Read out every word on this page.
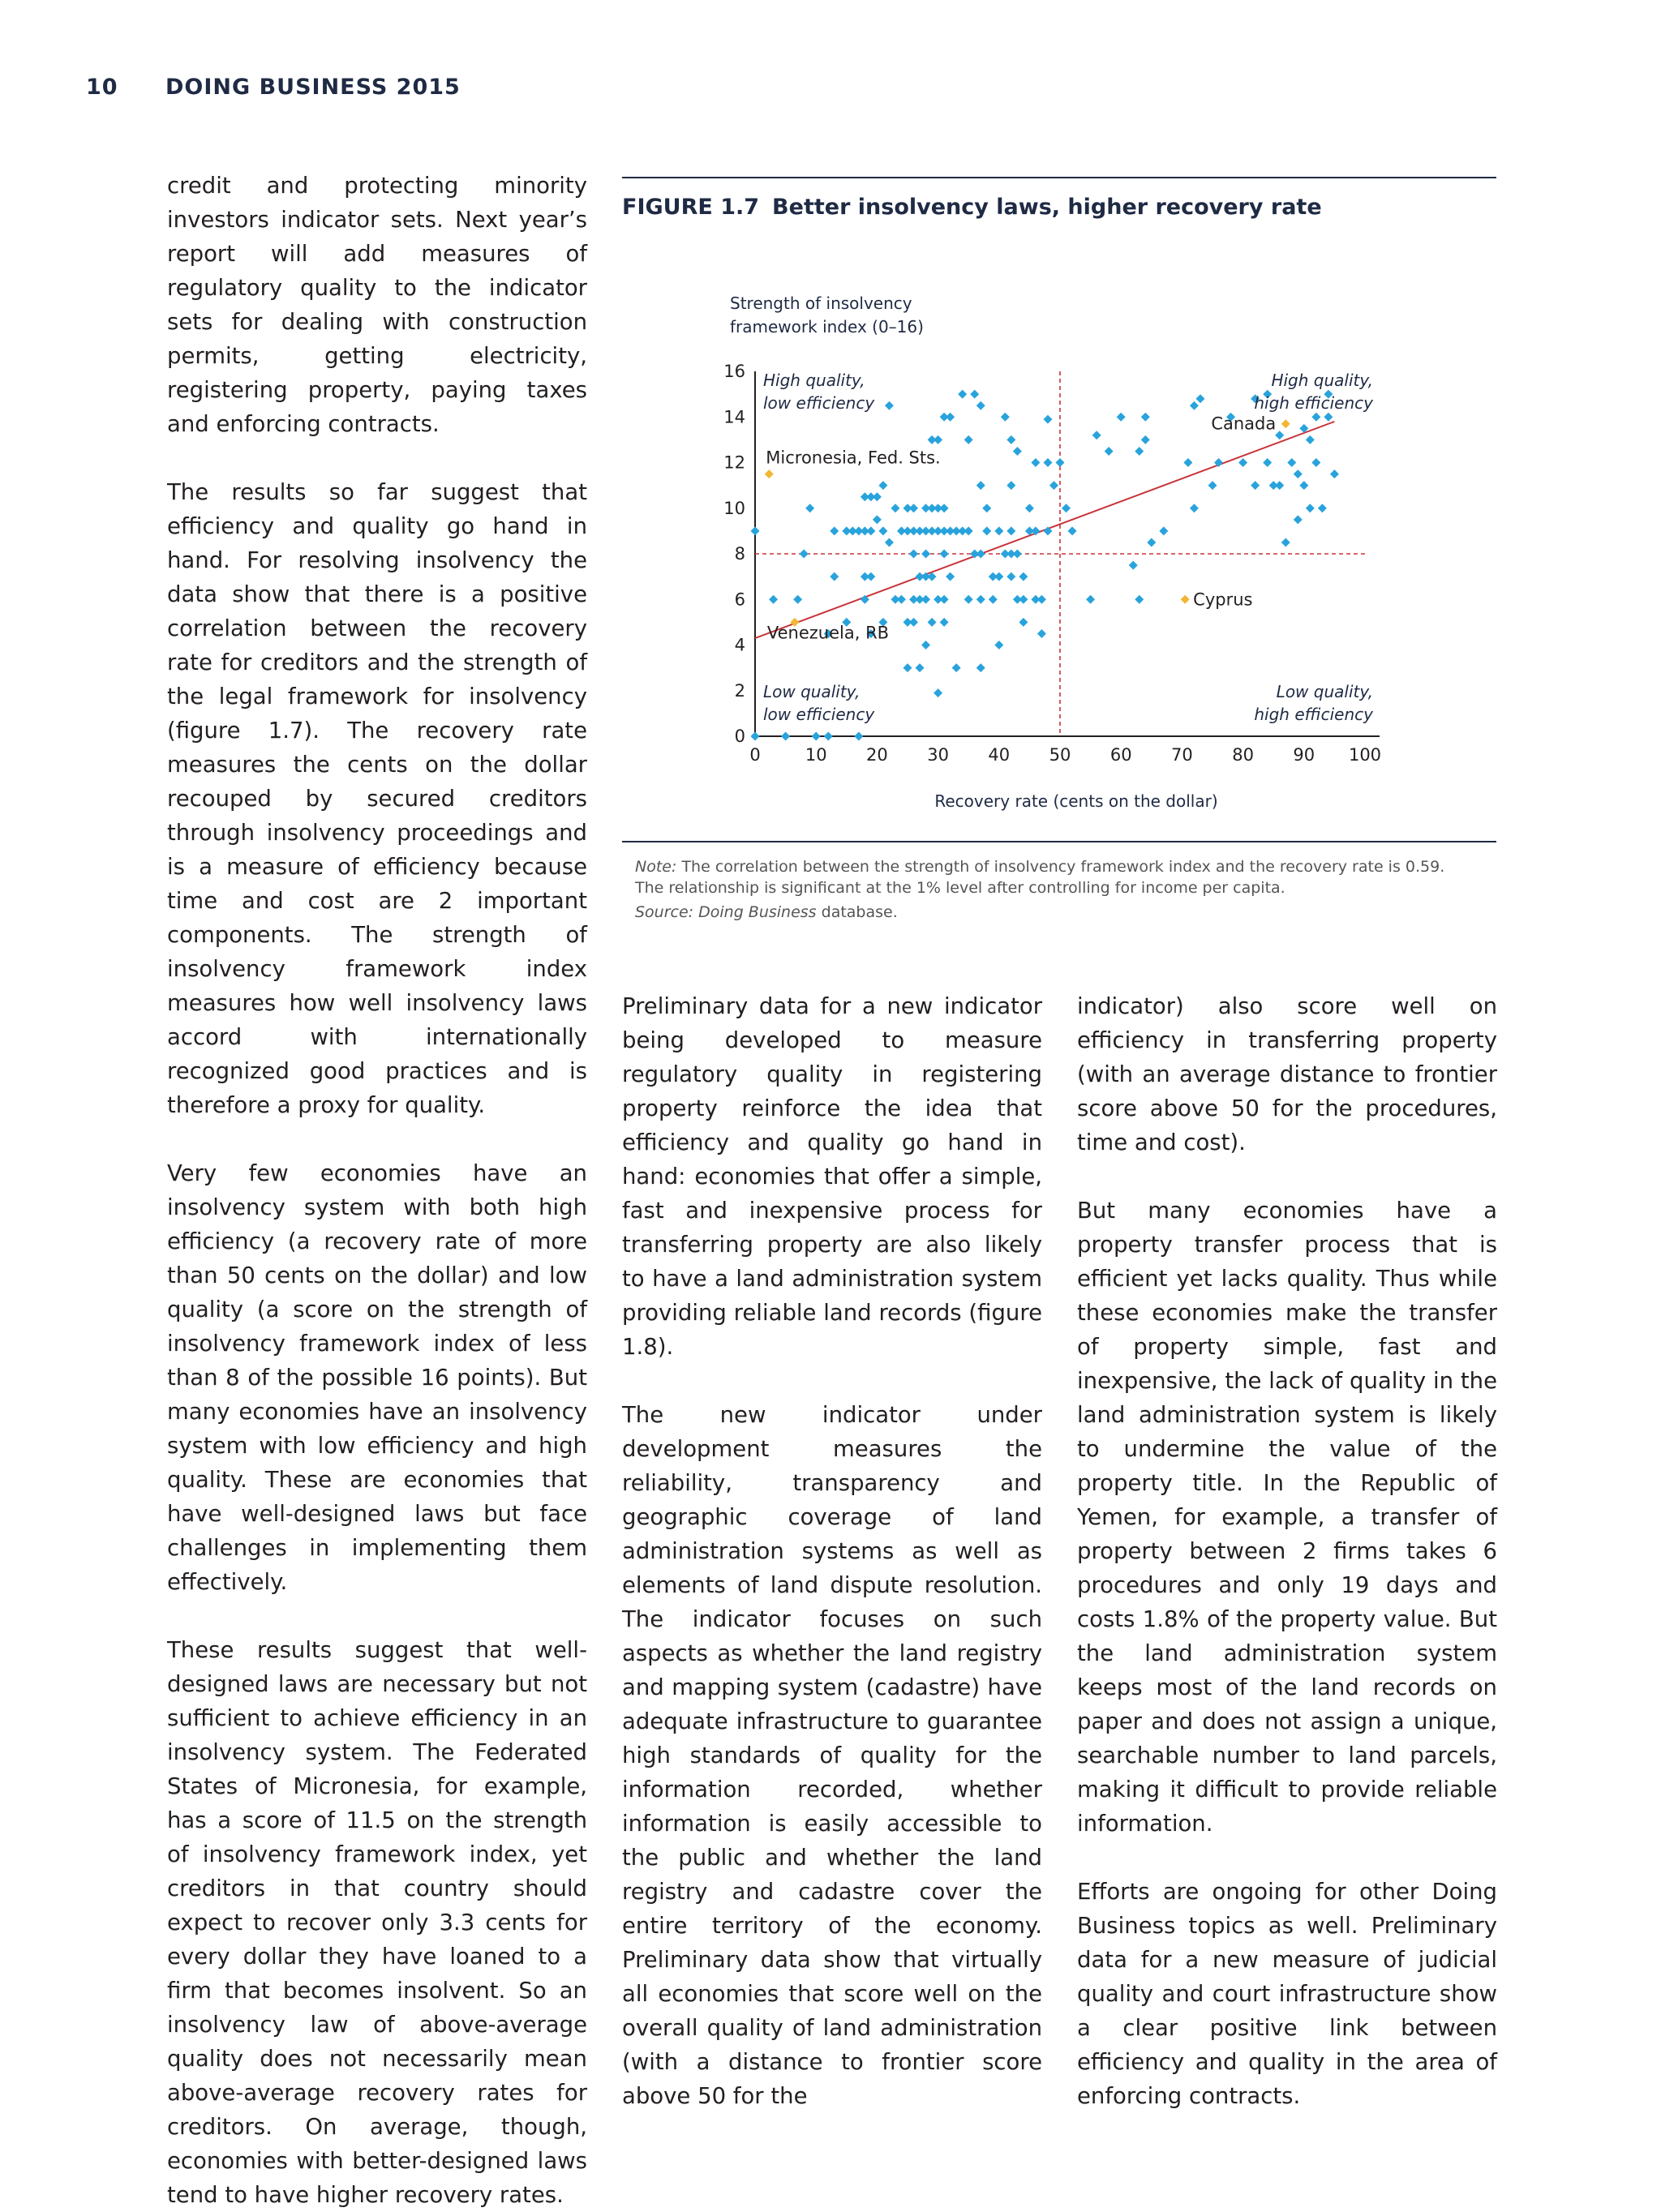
10 DOING BUSINESS 2015

credit and protecting minority investors indicator sets. Next year’s report will add measures of regulatory quality to the indicator sets for dealing with construction permits, getting electricity, registering property, paying taxes and enforcing contracts.

The results so far suggest that efficiency and quality go hand in hand. For resolving insolvency the data show that there is a positive correlation between the recovery rate for creditors and the strength of the legal framework for insolvency (figure 1.7). The recovery rate measures the cents on the dollar recouped by secured creditors through insolvency proceedings and is a measure of efficiency because time and cost are 2 important components. The strength of insolvency framework index measures how well insolvency laws accord with internationally recognized good practices and is therefore a proxy for quality.

Very few economies have an insolvency system with both high efficiency (a recovery rate of more than 50 cents on the dollar) and low quality (a score on the strength of insolvency framework index of less than 8 of the possible 16 points). But many economies have an insolvency system with low efficiency and high quality. These are economies that have well-designed laws but face challenges in implementing them effectively.

These results suggest that well-designed laws are necessary but not sufficient to achieve efficiency in an insolvency system. The Federated States of Micronesia, for example, has a score of 11.5 on the strength of insolvency framework index, yet creditors in that country should expect to recover only 3.3 cents for every dollar they have loaned to a firm that becomes insolvent. So an insolvency law of above-average quality does not necessarily mean above-average recovery rates for creditors. On average, though, economies with better-designed laws tend to have higher recovery rates.

FIGURE 1.7 Better insolvency laws, higher recovery rate
Strength of insolvency
framework index (0–16)
Recovery rate (cents on the dollar)
0	10 20 30 40 50 60 70 80 90 100
0
2
4
6
8
10
12
14
16
Canada
Micronesia, Fed. Sts.
Cyprus
Venezuela, RB
High quality,
low efficiency
High quality,
high efficiency
Low quality,
low efficiency
Low quality,
high efficiency
Note: The correlation between the strength of insolvency framework index and the recovery rate is 0.59. The relationship is significant at the 1% level after controlling for income per capita.
Source: Doing Business database.

Preliminary data for a new indicator being developed to measure regulatory quality in registering property reinforce the idea that efficiency and quality go hand in hand: economies that offer a simple, fast and inexpensive process for transferring property are also likely to have a land administration system providing reliable land records (figure 1.8).

The new indicator under development measures the reliability, transparency and geographic coverage of land administration systems as well as elements of land dispute resolution. The indicator focuses on such aspects as whether the land registry and mapping system (cadastre) have adequate infrastructure to guarantee high standards of quality for the information recorded, whether information is easily accessible to the public and whether the land registry and cadastre cover the entire territory of the economy. Preliminary data show that virtually all economies that score well on the overall quality of land administration (with a distance to frontier score above 50 for the

indicator) also score well on efficiency in transferring property (with an average distance to frontier score above 50 for the procedures, time and cost).

But many economies have a property transfer process that is efficient yet lacks quality. Thus while these economies make the transfer of property simple, fast and inexpensive, the lack of quality in the land administration system is likely to undermine the value of the property title. In the Republic of Yemen, for example, a transfer of property between 2 firms takes 6 procedures and only 19 days and costs 1.8% of the property value. But the land administration system keeps most of the land records on paper and does not assign a unique, searchable number to land parcels, making it difficult to provide reliable information.

Efforts are ongoing for other Doing Business topics as well. Preliminary data for a new measure of judicial quality and court infrastructure show a clear positive link between efficiency and quality in the area of enforcing contracts.
